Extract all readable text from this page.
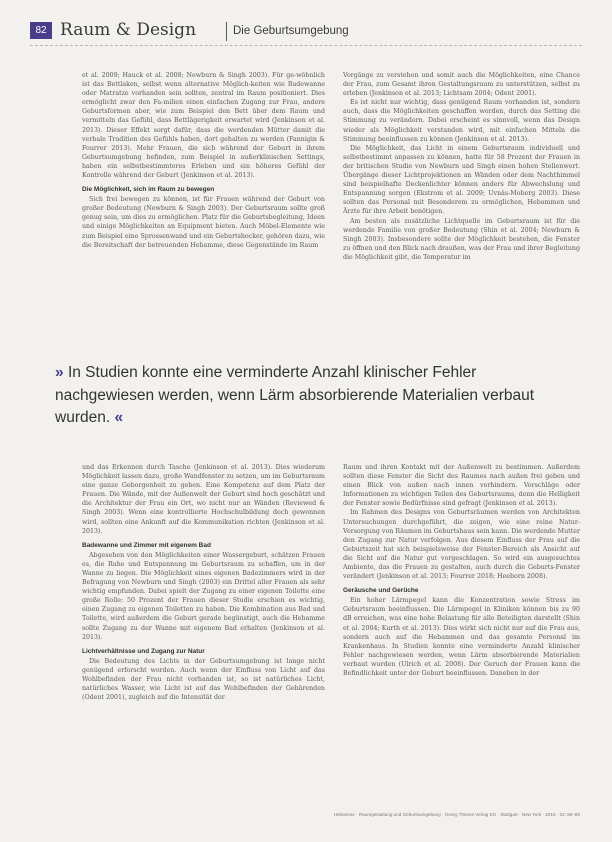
82 Raum & Design	Die Geburtsumgebung

et al. 2009; Hauck et al. 2008; Newburn & Singh 2003). Für ge-wöhnlich ist das Bettlaken, selbst wenn alternative Möglich-keiten wie Badewanne oder Matratze vorhanden sein sollten, zentral im Raum positioniert. Dies ermöglicht zwar den Fa-milien einen einfachen Zugang zur Frau, andere Geburtsformen aber, wie zum Beispiel den Bett über dem Raum und vermitteln das Gefühl, dass Bettlägerigkeit erwartet wird (Jenkinson et al. 2013). Dieser Effekt sorgt dafür, dass die werdenden Mütter damit die verbale Tradition des Gefühls haben, dort gehalten zu werden (Fannigin & Fourrer 2013). Mehr Frauen, die sich während der Geburt in ihrem Geburtsumgebung befinden, zum Beispiel in außerklinischen Settings, haben ein selbstbestimmteres Erleben und ein höheres Gefühl der Kontrolle während der Geburt (Jenkinson et al. 2013).

Die Möglichkeit, sich im Raum zu bewegen

Sich frei bewegen zu können, ist für Frauen während der Geburt von großer Bedeutung (Newburn & Singh 2003). Der Geburtsraum sollte groß genug sein, um dies zu ermöglichen. Platz für die Geburtsbegleitung, Ideen und einige Möglichkeiten an Equipment bieten. Auch Möbel-Elemente wie zum Beispiel eine Sprossenwand und ein Geburtshocker, gehören dazu, wie die Bereitschaft der betreuenden Hebamme, diese Gegenstände im Raum

Vorgänge zu verstehen und somit auch die Möglichkeiten, eine Chance der Frau, zum Gesamt ihren Gestaltungsraum zu unterstützen, selbst zu erleben (Jenkinson et al. 2013; Lichtsam 2004; Odent 2001).

Es ist nicht nur wichtig, dass genügend Raum vorhanden ist, sondern auch, dass die Möglichkeiten geschaffen werden, durch das Setting die Stimmung zu verändern. Dabei erscheint es sinnvoll, wenn das Design wieder als Möglichkeit verstanden wird, mit einfachen Mitteln die Stimmung beeinflussen zu können (Jenkinson et al. 2013).

Die Möglichkeit, das Licht in einem Geburtsraum individuell und selbstbestimmt anpassen zu können, hatte für 58 Prozent der Frauen in der britischen Studie von Newburn und Singh einen hohen Stellenwert. Übergänge dieser Lichtprojektionen an Wänden oder dem Nachthimmel sind beispielhafte Deckenlichter können anders für Abwechslung und Entspannung sorgen (Ekstrom et al. 2009; Uvnäs-Moberg 2003). Diese sollten das Personal mit Besonderem zu ermöglichen, Hebammen und Ärzte für ihre Arbeit benötigen.

Am besten als zusätzliche Lichtquelle im Geburtsraum ist für die werdende Familie von großer Bedeutung (Shin et al. 2004; Newburn & Singh 2003). Insbesondere sollte der Möglichkeit bestehen, die Fenster zu öffnen und den Blick nach draußen, was der Frau und ihrer Begleitung die Möglichkeit gibt, die Temperatur im

» In Studien konnte eine verminderte Anzahl klinischer Fehler nachgewiesen werden, wenn Lärm absorbierende Materialien verbaut wurden. «

und das Erkennen durch Tasche (Jenkinson et al. 2013). Dies wiederum Möglichkeit lassen dazu, große Wandfenster zu setzen, um im Geburtsraum eine ganze Geborgenheit zu geben. Eine Kompetenz auf dem Platz der Frauen. Die Wände, mit der Außenwelt der Geburt sind hoch geschätzt und die Architektur der Frau ein Ort, wo nicht nur an Wänden (Reviewed & Singh 2003). Wenn eine kontrollierte Hochschulbildung doch gewonnen wird, sollten eine Ankunft auf die Kommunikation richten (Jenkinson et al. 2013).

Badewanne und Zimmer mit eigenem Bad

Abgesehen von den Möglichkeiten einer Wassergeburt, schätzen Frauen es, die Ruhe und Entspannung im Geburtsraum zu schaffen, um in der Wanne zu liegen. Die Möglichkeit eines eigenen Badezimmers wird in der Befragung von Newburn und Singh (2003) ein Drittel aller Frauen als sehr wichtig empfunden. Dabei spielt der Zugang zu einer eigenen Toilette eine große Rolle: 50 Prozent der Frauen dieser Studie erschien es wichtig, einen Zugang zu eigenen Toiletten zu haben. Die Kombination aus Bad und Toilette, wird außerdem die Geburt gerade begünstigt, auch die Hebamme sollte Zugang zu der Wanne mit eigenem Bad erhalten (Jenkinson et al. 2013).

Lichtverhältnisse und Zugang zur Natur

Die Bedeutung des Lichts in der Geburtsumgebung ist lange nicht genügend erforscht worden. Auch wenn der Einfluss von Licht auf das Wohlbefinden der Frau nicht vorhanden ist, so ist natürliches Licht, natürliches Wasser, wie Licht ist auf das Wohlbefinden der Gebärenden (Odent 2001), zugleich auf die Intensität der

Raum und ihren Kontakt mit der Außenwelt zu bestimmen. Außerdem sollten diese Fenster die Sicht des Raumes nach außen frei geben und einen Blick von außen nach innen verhindern. Vorschläge oder Informationen zu wichtigen Teilen des Geburtsraums, denn die Helligkeit der Fenster sowie Bedürfnisse sind gefragt (Jenkinson et al. 2013).

Im Rahmen des Designs von Geburtsräumen werden von Architekten Untersuchungen durchgeführt, die zeigen, wie eine reine Natur-Versorgung von Räumen im Geburtshaus sein kann. Die werdende Mutter den Zugang zur Natur verfolgen. Aus diesem Einfluss der Frau auf die Geburtszeit hat sich beispielsweise der Fenster-Bereich als Ansicht auf die Sicht auf die Natur gut vorgeschlagen. So wird ein ausgesuchtes Ambiente, das die Frauen zu gestalten, auch durch die Geburts-Fenster verändert (Jenkinson et al. 2013; Fourrer 2018; Heeborn 2008).

Geräusche und Gerüche

Ein hoher Lärmpegel kann die Konzentration sowie Stress im Geburtsraum beeinflussen. Die Lärmpegel in Kliniken können bis zu 90 dB erreichen, was eine hohe Belastung für alle Beteiligten darstellt (Shin et al. 2004; Kurth et al. 2013). Dies wirkt sich nicht nur auf die Frau aus, sondern auch auf die Hebammen und das gesamte Personal im Krankenhaus. In Studien konnte eine verminderte Anzahl klinischer Fehler nachgewiesen werden, wenn Lärm absorbierende Materialien verbaut wurden (Ulrich et al. 2008). Der Geruch der Frauen kann die Befindlichkeit unter der Geburt beeinflussen. Daneben in der

Hebamme · Raumgestaltung und Geburtsumgebung · Georg Thieme Verlag KG · Stuttgart · New York · 2019 · 32: 80–85
